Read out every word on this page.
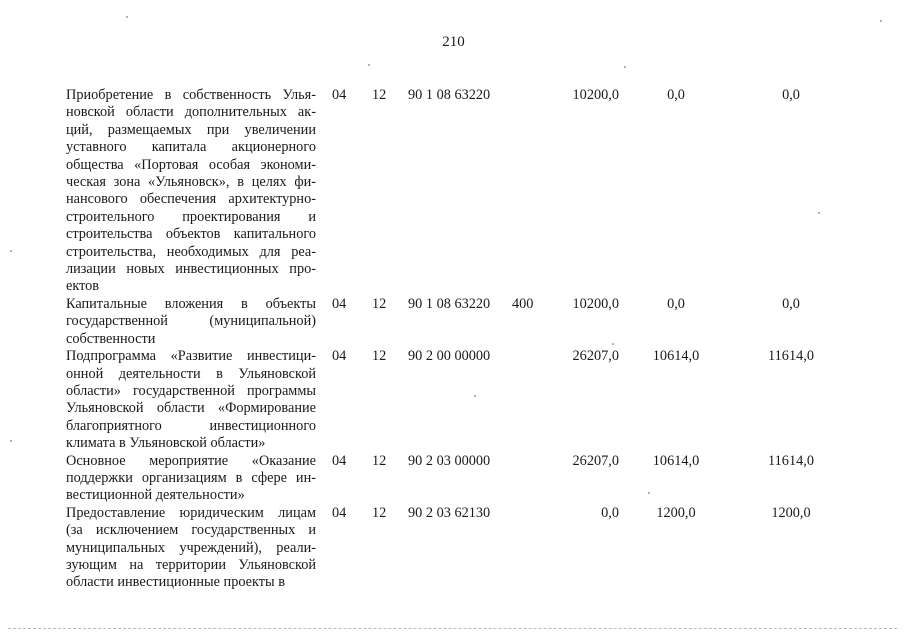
210
Приобретение в собственность Улья-
новской области дополнительных ак-
ций, размещаемых при увеличении
уставного капитала акционерного
общества «Портовая особая экономи-
ческая зона «Ульяновск», в целях фи-
нансового обеспечения архитектурно-
строительного проектирования и
строительства объектов капитального
строительства, необходимых для реа-
лизации новых инвестиционных про-
ектов
04 12 90 1 08 63220	10200,0	0,0	0,0
Капитальные вложения в объекты
государственной (муниципальной)
собственности
04 12 90 1 08 63220 400	10200,0	0,0	0,0
Подпрограмма «Развитие инвестици-
онной деятельности в Ульяновской
области» государственной программы
Ульяновской области «Формирование
благоприятного инвестиционного
климата в Ульяновской области»
04 12 90 2 00 00000	26207,0	10614,0	11614,0
Основное мероприятие «Оказание
поддержки организациям в сфере ин-
вестиционной деятельности»
04 12 90 2 03 00000	26207,0	10614,0	11614,0
Предоставление юридическим лицам
(за исключением государственных и
муниципальных учреждений), реали-
зующим на территории Ульяновской
области инвестиционные проекты в
04 12 90 2 03 62130	0,0	1200,0	1200,0
